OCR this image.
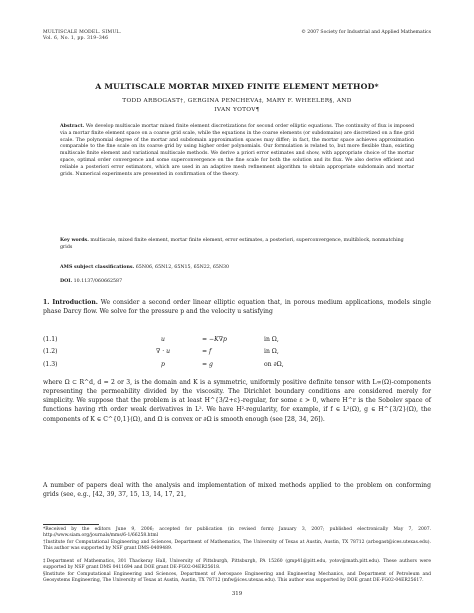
MULTISCALE MODEL. SIMUL.
Vol. 6, No. 1, pp. 319–346
© 2007 Society for Industrial and Applied Mathematics
A MULTISCALE MORTAR MIXED FINITE ELEMENT METHOD*
TODD ARBOGAST†, GERGINA PENCHEVA‡, MARY F. WHEELER§, AND
IVAN YOTOV¶
Abstract. We develop multiscale mortar mixed finite element discretizations for second order elliptic equations. The continuity of flux is imposed via a mortar finite element space on a coarse grid scale, while the equations in the coarse elements (or subdomains) are discretized on a fine grid scale. The polynomial degree of the mortar and subdomain approximation spaces may differ; in fact, the mortar space achieves approximation comparable to the fine scale on its coarse grid by using higher order polynomials. Our formulation is related to, but more flexible than, existing multiscale finite element and variational multiscale methods. We derive a priori error estimates and show, with appropriate choice of the mortar space, optimal order convergence and some superconvergence on the fine scale for both the solution and its flux. We also derive efficient and reliable a posteriori error estimators, which are used in an adaptive mesh refinement algorithm to obtain appropriate subdomain and mortar grids. Numerical experiments are presented in confirmation of the theory.
Key words. multiscale, mixed finite element, mortar finite element, error estimates, a posteriori, superconvergence, multiblock, nonmatching grids
AMS subject classifications. 65N06, 65N12, 65N15, 65N22, 65N30
DOI. 10.1137/060662587
1. Introduction. We consider a second order linear elliptic equation that, in porous medium applications, models single phase Darcy flow. We solve for the pressure p and the velocity u satisfying
(1.1)	u	= −K∇p	in Ω,
(1.2)	∇ · u	= f	in Ω,
(1.3)	p	= g	on ∂Ω,
where Ω ⊂ R^d, d = 2 or 3, is the domain and K is a symmetric, uniformly positive definite tensor with L∞(Ω)-components representing the permeability divided by the viscosity. The Dirichlet boundary conditions are considered merely for simplicity. We suppose that the problem is at least H^{3/2+ε}-regular, for some ε > 0, where H^r is the Sobolev space of functions having rth order weak derivatives in L². We have H²-regularity, for example, if f ∈ L²(Ω), g ∈ H^{3/2}(Ω), the components of K ∈ C^{0,1}(Ω), and Ω is convex or ∂Ω is smooth enough (see [28, 34, 26]).
A number of papers deal with the analysis and implementation of mixed methods applied to the problem on conforming grids (see, e.g., [42, 39, 37, 15, 13, 14, 17, 21,
*Received by the editors June 9, 2006; accepted for publication (in revised form) January 3, 2007; published electronically May 7, 2007. http://www.siam.org/journals/mms/6-1/66258.html
†Institute for Computational Engineering and Sciences, Department of Mathematics, The University of Texas at Austin, Austin, TX 78712 (arbogast@ices.utexas.edu). This author was supported by NSF grant DMS-0409489.
‡Department of Mathematics, 301 Thackeray Hall, University of Pittsburgh, Pittsburgh, PA 15260 (gmp41@pitt.edu, yotov@math.pitt.edu). These authors were supported by NSF grant DMS 0411694 and DOE grant DE-FG02-04ER25618.
§Institute for Computational Engineering and Sciences, Department of Aerospace Engineering and Engineering Mechanics, and Department of Petroleum and Geosystems Engineering, The University of Texas at Austin, Austin, TX 78712 (mfw@ices.utexas.edu). This author was supported by DOE grant DE-FG02-04ER25617.
319
